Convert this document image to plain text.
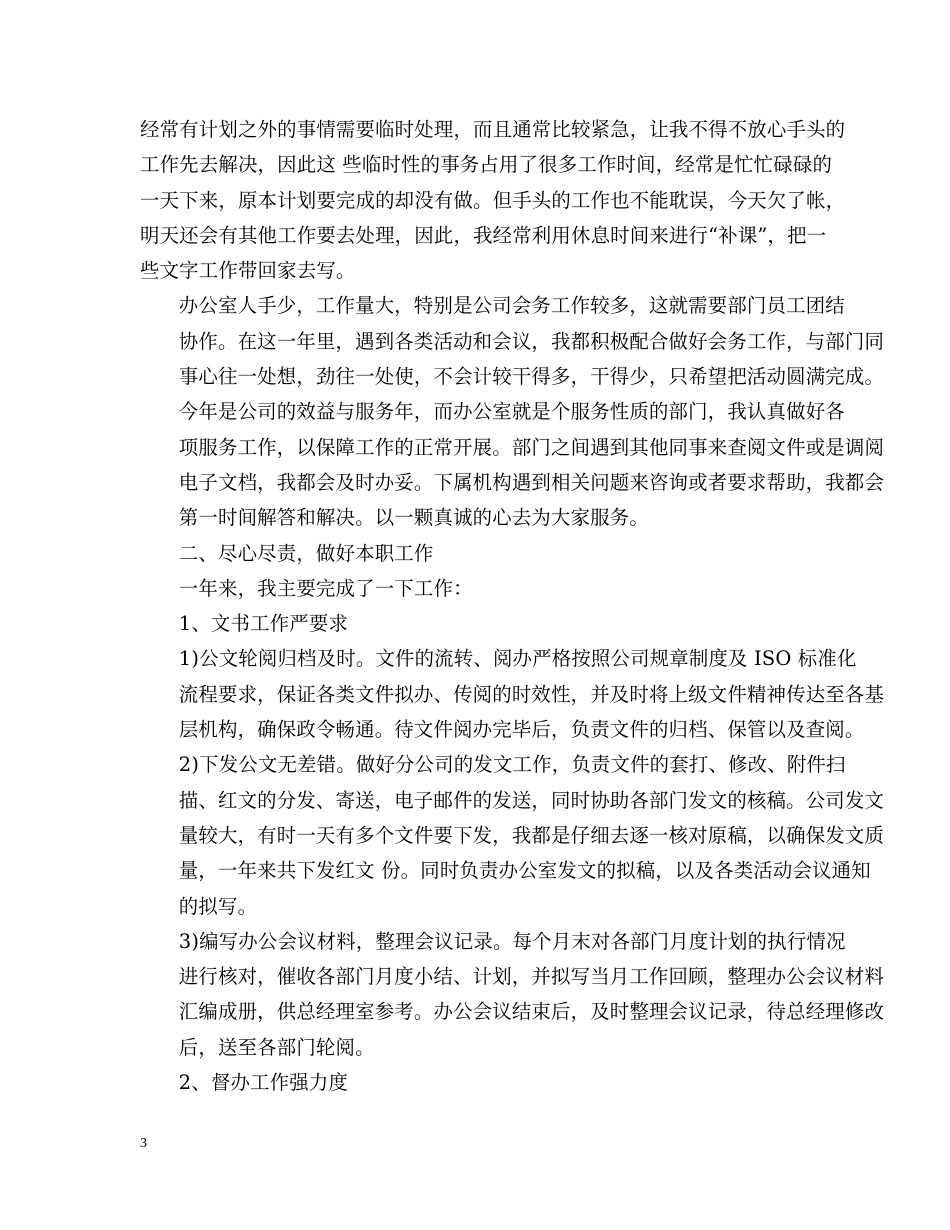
经常有计划之外的事情需要临时处理，而且通常比较紧急，让我不得不放心手头的
工作先去解决，因此这 些临时性的事务占用了很多工作时间，经常是忙忙碌碌的
一天下来，原本计划要完成的却没有做。但手头的工作也不能耽误，今天欠了帐，
明天还会有其他工作要去处理，因此，我经常利用休息时间来进行“补课”，把一
些文字工作带回家去写。

办公室人手少，工作量大，特别是公司会务工作较多，这就需要部门员工团结
协作。在这一年里，遇到各类活动和会议，我都积极配合做好会务工作，与部门同
事心往一处想，劲往一处使，不会计较干得多，干得少，只希望把活动圆满完成。

今年是公司的效益与服务年，而办公室就是个服务性质的部门，我认真做好各
项服务工作，以保障工作的正常开展。部门之间遇到其他同事来查阅文件或是调阅
电子文档，我都会及时办妥。下属机构遇到相关问题来咨询或者要求帮助，我都会
第一时间解答和解决。以一颗真诚的心去为大家服务。

二、尽心尽责，做好本职工作

一年来，我主要完成了一下工作：

1、文书工作严要求

1)公文轮阅归档及时。文件的流转、阅办严格按照公司规章制度及 ISO 标准化
流程要求，保证各类文件拟办、传阅的时效性，并及时将上级文件精神传达至各基
层机构，确保政令畅通。待文件阅办完毕后，负责文件的归档、保管以及查阅。

2)下发公文无差错。做好分公司的发文工作，负责文件的套打、修改、附件扫
描、红文的分发、寄送，电子邮件的发送，同时协助各部门发文的核稿。公司发文
量较大，有时一天有多个文件要下发，我都是仔细去逐一核对原稿，以确保发文质
量，一年来共下发红文 份。同时负责办公室发文的拟稿，以及各类活动会议通知
的拟写。

3)编写办公会议材料，整理会议记录。每个月末对各部门月度计划的执行情况
进行核对，催收各部门月度小结、计划，并拟写当月工作回顾，整理办公会议材料
汇编成册，供总经理室参考。办公会议结束后，及时整理会议记录，待总经理修改
后，送至各部门轮阅。

2、督办工作强力度

3
